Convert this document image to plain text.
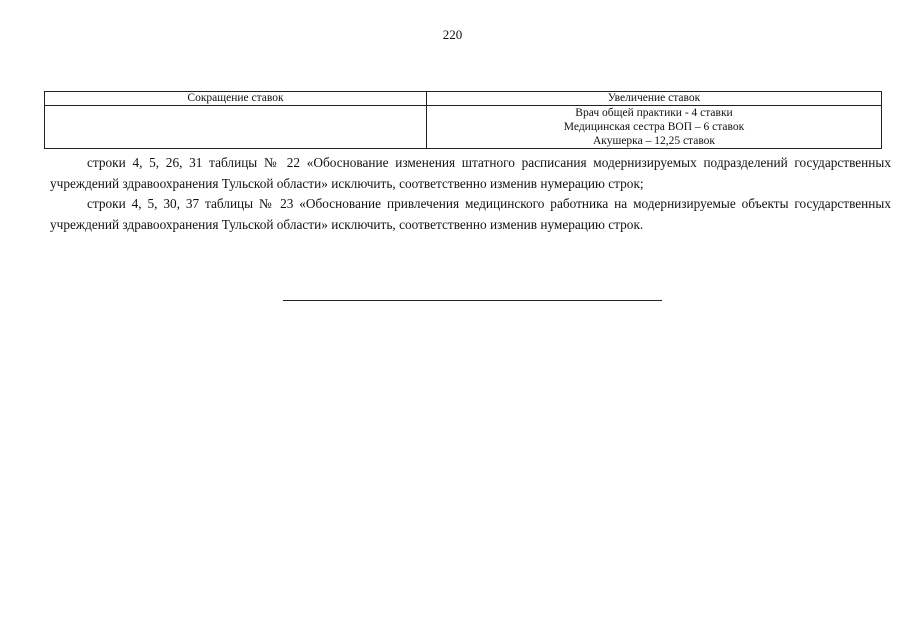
220
Сокращение ставок	Увеличение ставок

	Врач общей практики - 4 ставки
Медицинская сестра ВОП – 6 ставок
Акушерка – 12,25 ставок

строки 4, 5, 26, 31 таблицы № 22 «Обоснование изменения штатного расписания модернизируемых подразделений государственных учреждений здравоохранения Тульской области» исключить, соответственно изменив нумерацию строк;

строки 4, 5, 30, 37 таблицы № 23 «Обоснование привлечения медицинского работника на модернизируемые объекты государственных учреждений здравоохранения Тульской области» исключить, соответственно изменив нумерацию строк.
